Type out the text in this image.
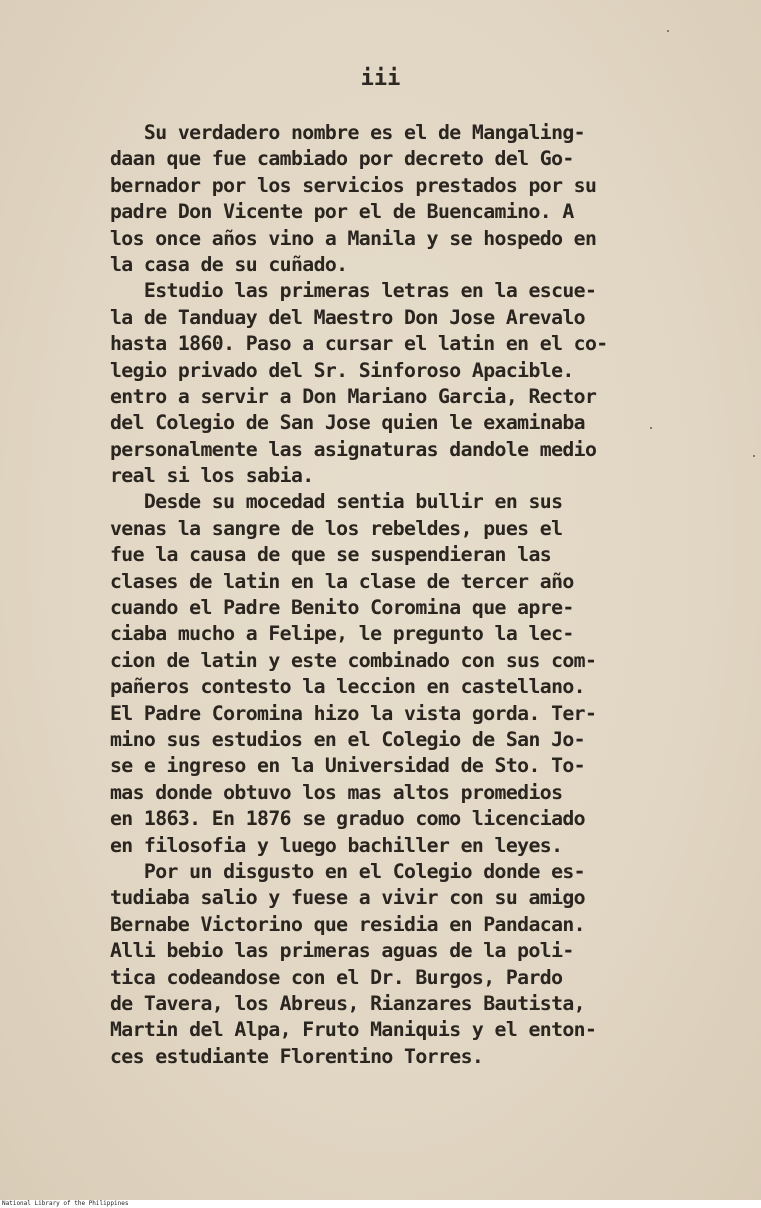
iii
Su verdadero nombre es el de Mangaling-
daan que fue cambiado por decreto del Go-
bernador por los servicios prestados por su
padre Don Vicente por el de Buencamino. A
los once años vino a Manila y se hospedo en
la casa de su cuñado.
Estudio las primeras letras en la escue-
la de Tanduay del Maestro Don Jose Arevalo
hasta 1860. Paso a cursar el latin en el co-
legio privado del Sr. Sinforoso Apacible.
entro a servir a Don Mariano Garcia, Rector
del Colegio de San Jose quien le examinaba
personalmente las asignaturas dandole medio
real si los sabia.
Desde su mocedad sentia bullir en sus
venas la sangre de los rebeldes, pues el
fue la causa de que se suspendieran las
clases de latin en la clase de tercer año
cuando el Padre Benito Coromina que apre-
ciaba mucho a Felipe, le pregunto la lec-
cion de latin y este combinado con sus com-
pañeros contesto la leccion en castellano.
El Padre Coromina hizo la vista gorda. Ter-
mino sus estudios en el Colegio de San Jo-
se e ingreso en la Universidad de Sto. To-
mas donde obtuvo los mas altos promedios
en 1863. En 1876 se graduo como licenciado
en filosofia y luego bachiller en leyes.
Por un disgusto en el Colegio donde es-
tudiaba salio y fuese a vivir con su amigo
Bernabe Victorino que residia en Pandacan.
Alli bebio las primeras aguas de la poli-
tica codeandose con el Dr. Burgos, Pardo
de Tavera, los Abreus, Rianzares Bautista,
Martin del Alpa, Fruto Maniquis y el enton-
ces estudiante Florentino Torres.
National Library of the Philippines
